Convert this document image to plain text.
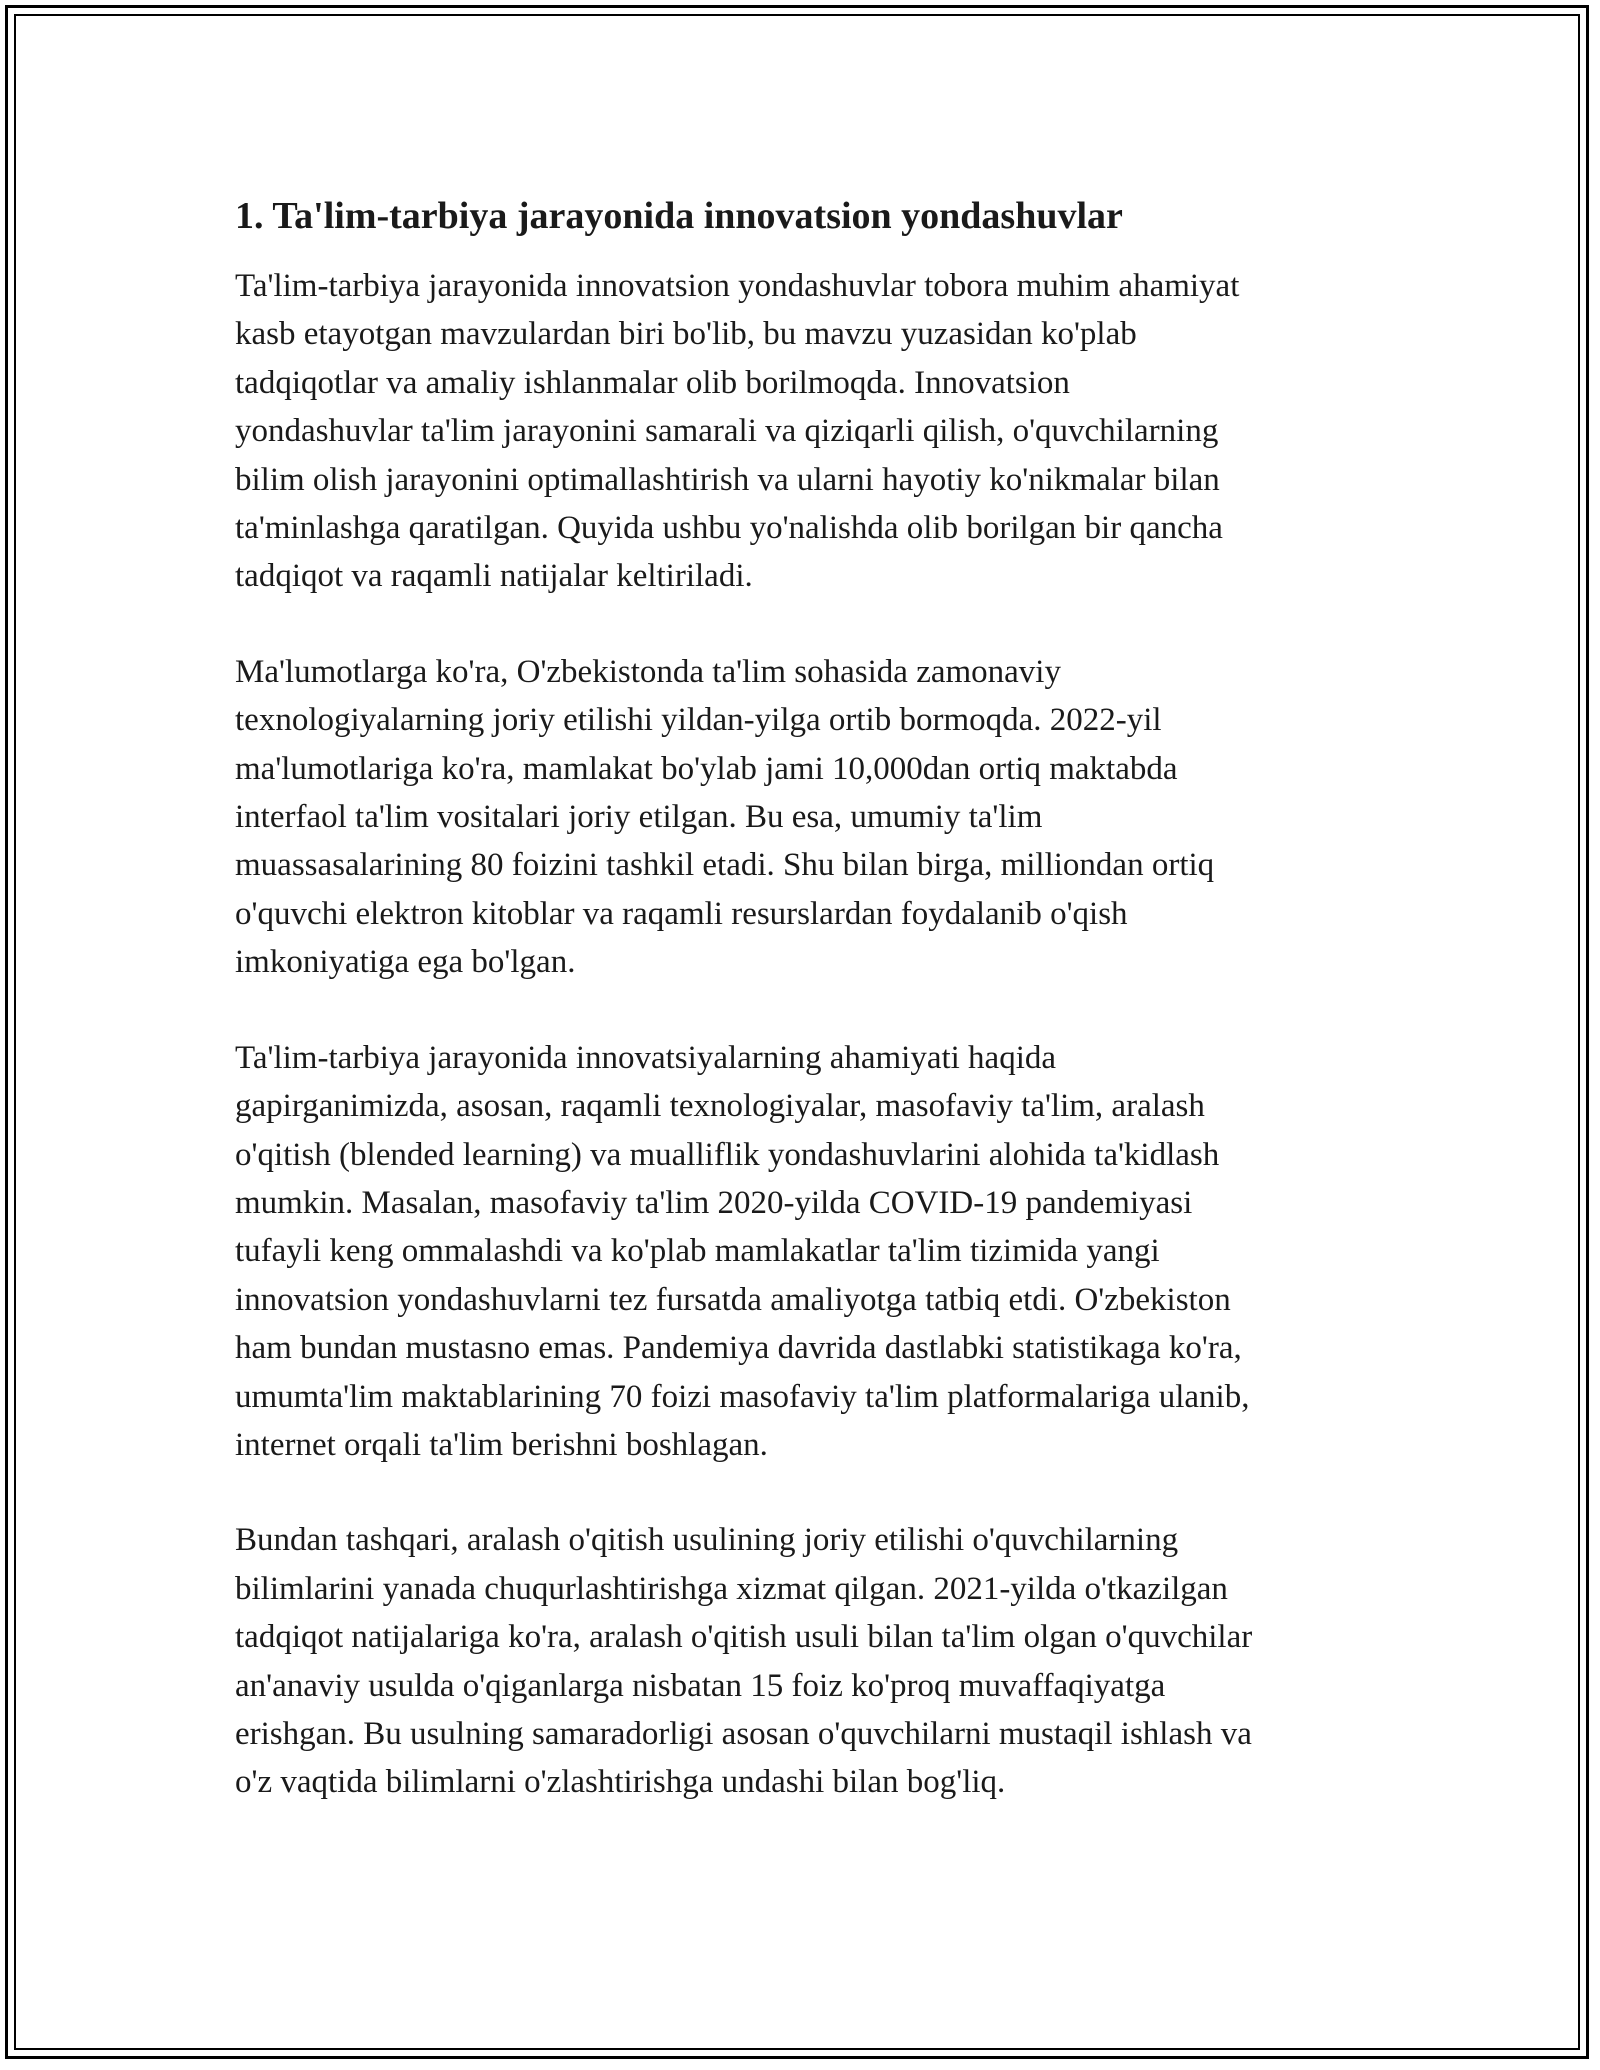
1. Ta'lim-tarbiya jarayonida innovatsion yondashuvlar

Ta'lim-tarbiya jarayonida innovatsion yondashuvlar tobora muhim ahamiyat
kasb etayotgan mavzulardan biri bo'lib, bu mavzu yuzasidan ko'plab
tadqiqotlar va amaliy ishlanmalar olib borilmoqda. Innovatsion
yondashuvlar ta'lim jarayonini samarali va qiziqarli qilish, o'quvchilarning
bilim olish jarayonini optimallashtirish va ularni hayotiy ko'nikmalar bilan
ta'minlashga qaratilgan. Quyida ushbu yo'nalishda olib borilgan bir qancha
tadqiqot va raqamli natijalar keltiriladi.

Ma'lumotlarga ko'ra, O'zbekistonda ta'lim sohasida zamonaviy
texnologiyalarning joriy etilishi yildan-yilga ortib bormoqda. 2022-yil
ma'lumotlariga ko'ra, mamlakat bo'ylab jami 10,000dan ortiq maktabda
interfaol ta'lim vositalari joriy etilgan. Bu esa, umumiy ta'lim
muassasalarining 80 foizini tashkil etadi. Shu bilan birga, milliondan ortiq
o'quvchi elektron kitoblar va raqamli resurslardan foydalanib o'qish
imkoniyatiga ega bo'lgan.

Ta'lim-tarbiya jarayonida innovatsiyalarning ahamiyati haqida
gapirganimizda, asosan, raqamli texnologiyalar, masofaviy ta'lim, aralash
o'qitish (blended learning) va mualliflik yondashuvlarini alohida ta'kidlash
mumkin. Masalan, masofaviy ta'lim 2020-yilda COVID-19 pandemiyasi
tufayli keng ommalashdi va ko'plab mamlakatlar ta'lim tizimida yangi
innovatsion yondashuvlarni tez fursatda amaliyotga tatbiq etdi. O'zbekiston
ham bundan mustasno emas. Pandemiya davrida dastlabki statistikaga ko'ra,
umumta'lim maktablarining 70 foizi masofaviy ta'lim platformalariga ulanib,
internet orqali ta'lim berishni boshlagan.

Bundan tashqari, aralash o'qitish usulining joriy etilishi o'quvchilarning
bilimlarini yanada chuqurlashtirishga xizmat qilgan. 2021-yilda o'tkazilgan
tadqiqot natijalariga ko'ra, aralash o'qitish usuli bilan ta'lim olgan o'quvchilar
an'anaviy usulda o'qiganlarga nisbatan 15 foiz ko'proq muvaffaqiyatga
erishgan. Bu usulning samaradorligi asosan o'quvchilarni mustaqil ishlash va
o'z vaqtida bilimlarni o'zlashtirishga undashi bilan bog'liq.
